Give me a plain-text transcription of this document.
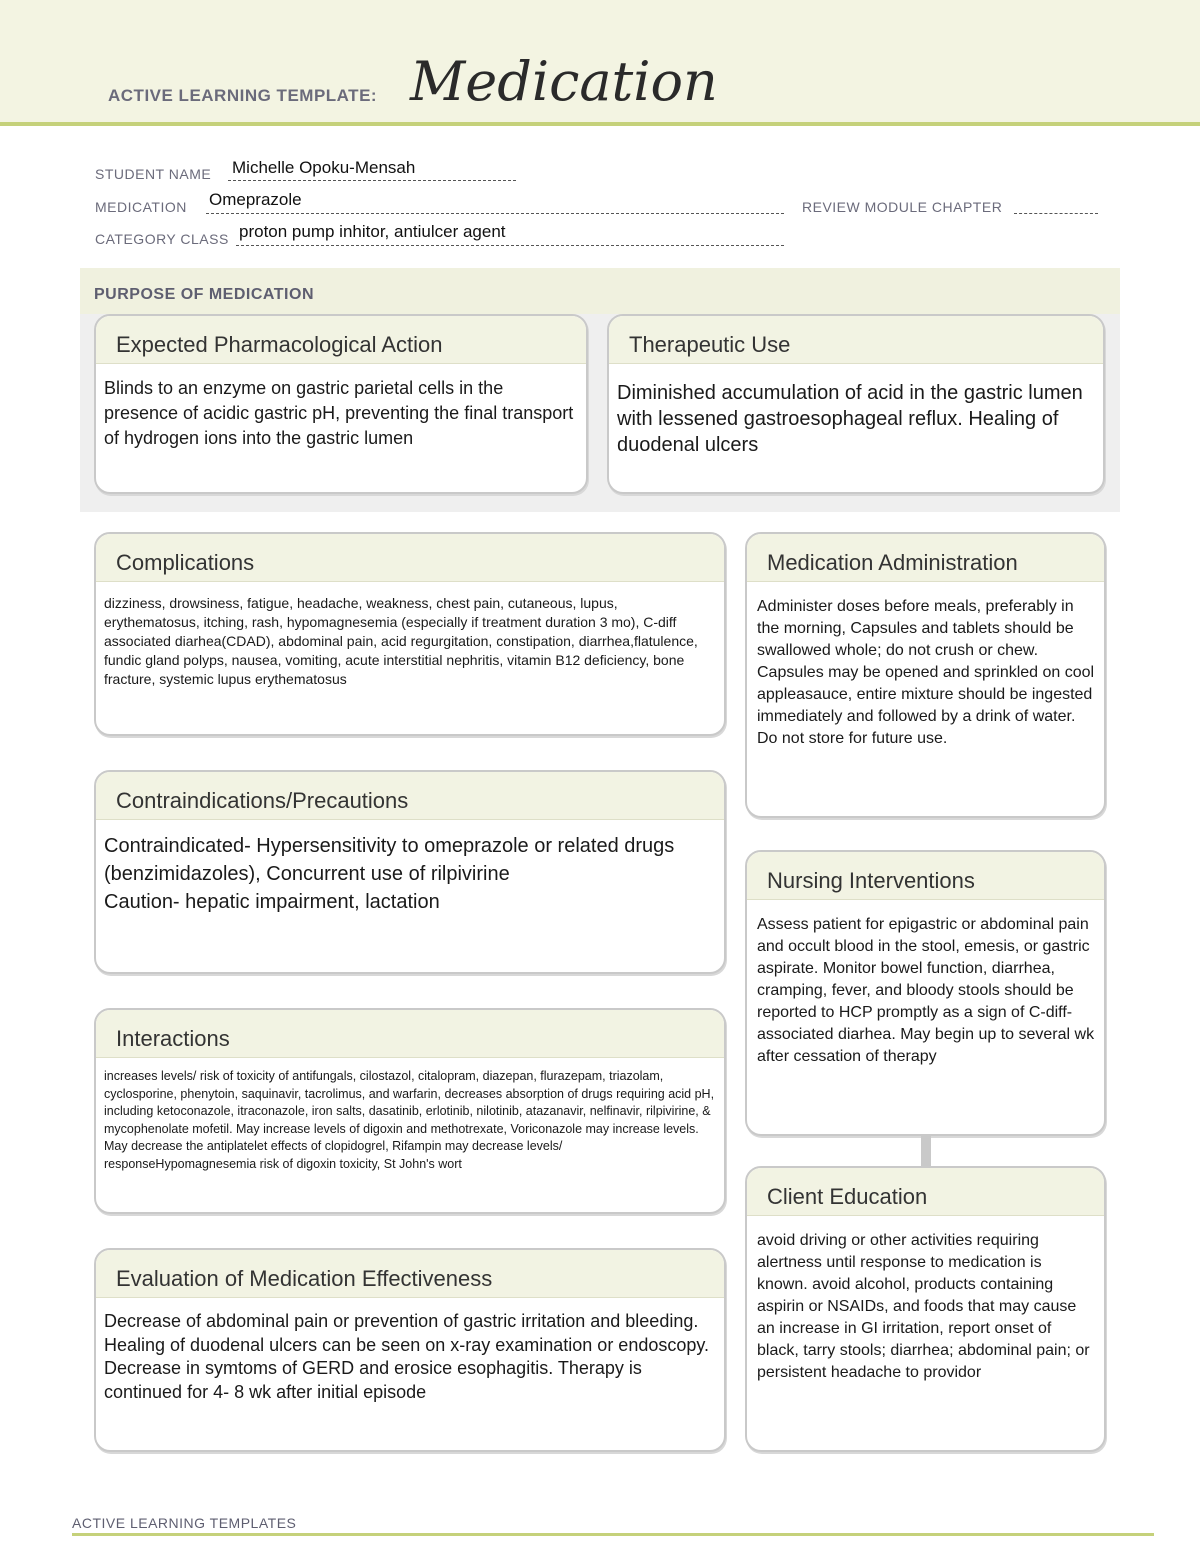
ACTIVE LEARNING TEMPLATE: Medication
STUDENT NAME Michelle Opoku-Mensah
MEDICATION Omeprazole	REVIEW MODULE CHAPTER
CATEGORY CLASS proton pump inhitor, antiulcer agent
PURPOSE OF MEDICATION
Expected Pharmacological Action
Blinds to an enzyme on gastric parietal cells in the presence of acidic gastric pH, preventing the final transport of hydrogen ions into the gastric lumen
Therapeutic Use
Diminished accumulation of acid in the gastric lumen with lessened gastroesophageal reflux. Healing of duodenal ulcers
Complications
dizziness, drowsiness, fatigue, headache, weakness, chest pain, cutaneous, lupus, erythematosus, itching, rash, hypomagnesemia (especially if treatment duration 3 mo), C-diff associated diarhea(CDAD), abdominal pain, acid regurgitation, constipation, diarrhea,flatulence, fundic gland polyps, nausea, vomiting, acute interstitial nephritis, vitamin B12 deficiency, bone fracture, systemic lupus erythematosus
Medication Administration
Administer doses before meals, preferably in the morning, Capsules and tablets should be swallowed whole; do not crush or chew. Capsules may be opened and sprinkled on cool appleasauce, entire mixture should be ingested immediately and followed by a drink of water. Do not store for future use.
Contraindications/Precautions
Contraindicated- Hypersensitivity to omeprazole or related drugs (benzimidazoles), Concurrent use of rilpivirine
Caution- hepatic impairment, lactation
Nursing Interventions
Assess patient for epigastric or abdominal pain and occult blood in the stool, emesis, or gastric aspirate. Monitor bowel function, diarrhea, cramping, fever, and bloody stools should be reported to HCP promptly as a sign of C-diff-associated diarhea. May begin up to several wk after cessation of therapy
Interactions
increases levels/ risk of toxicity of antifungals, cilostazol, citalopram, diazepan, flurazepam, triazolam, cyclosporine, phenytoin, saquinavir, tacrolimus, and warfarin, decreases absorption of drugs requiring acid pH, including ketoconazole, itraconazole, iron salts, dasatinib, erlotinib, nilotinib, atazanavir, nelfinavir, rilpivirine, & mycophenolate mofetil. May increase levels of digoxin and methotrexate, Voriconazole may increase levels. May decrease the antiplatelet effects of clopidogrel, Rifampin may decrease levels/ responseHypomagnesemia risk of digoxin toxicity, St John's wort
Client Education
avoid driving or other activities requiring alertness until response to medication is known. avoid alcohol, products containing aspirin or NSAIDs, and foods that may cause an increase in GI irritation, report onset of black, tarry stools; diarrhea; abdominal pain; or persistent headache to providor
Evaluation of Medication Effectiveness
Decrease of abdominal pain or prevention of gastric irritation and bleeding. Healing of duodenal ulcers can be seen on x-ray examination or endoscopy.
Decrease in symtoms of GERD and erosice esophagitis. Therapy is continued for 4- 8 wk after initial episode
ACTIVE LEARNING TEMPLATES
